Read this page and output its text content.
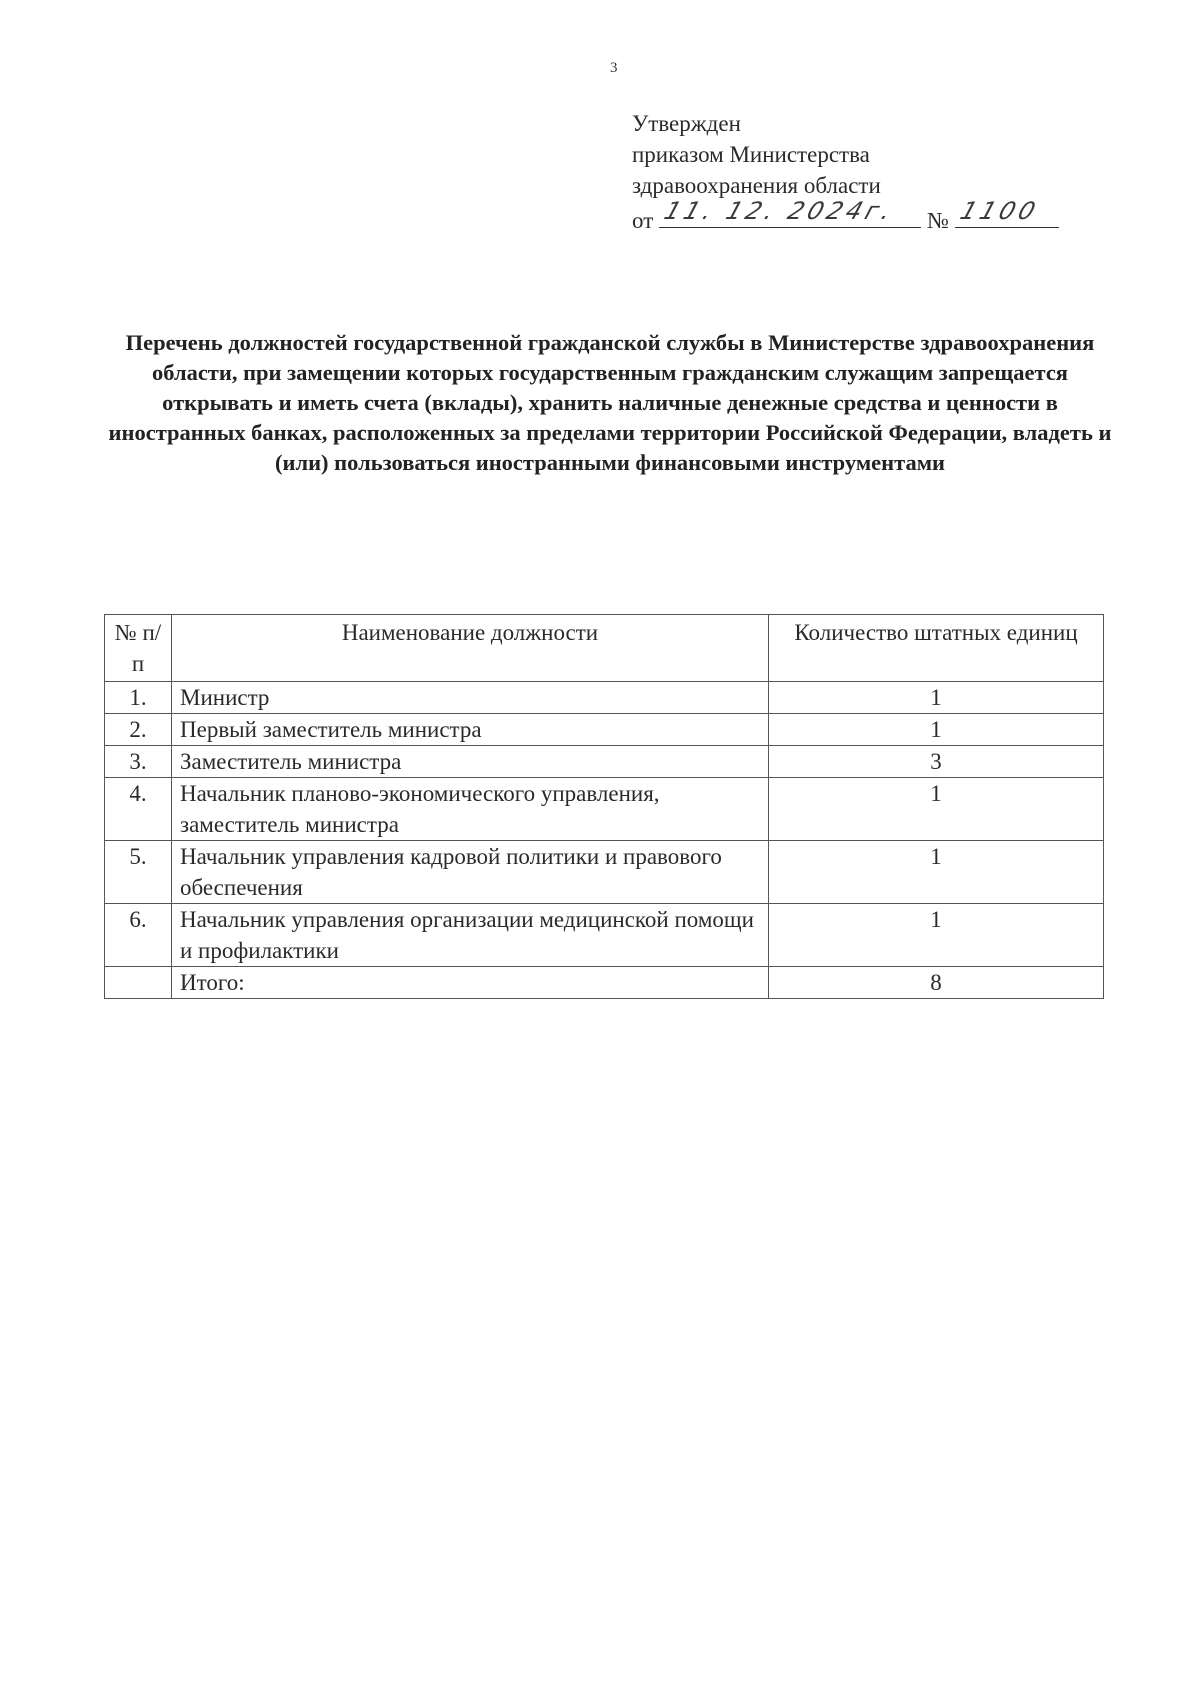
3
Утвержден
приказом Министерства
здравоохранения области
от 11. 12. 2024г. № 1100
Перечень должностей государственной гражданской службы в Министерстве здравоохранения области, при замещении которых государственным гражданским служащим запрещается открывать и иметь счета (вклады), хранить наличные денежные средства и ценности в иностранных банках, расположенных за пределами территории Российской Федерации, владеть и (или) пользоваться иностранными финансовыми инструментами
№ п/п	Наименование должности	Количество штатных единиц
1.	Министр	1
2.	Первый заместитель министра	1
3.	Заместитель министра	3
4.	Начальник планово-экономического управления, заместитель министра	1
5.	Начальник управления кадровой политики и правового обеспечения	1
6.	Начальник управления организации медицинской помощи и профилактики	1
	Итого:	8
